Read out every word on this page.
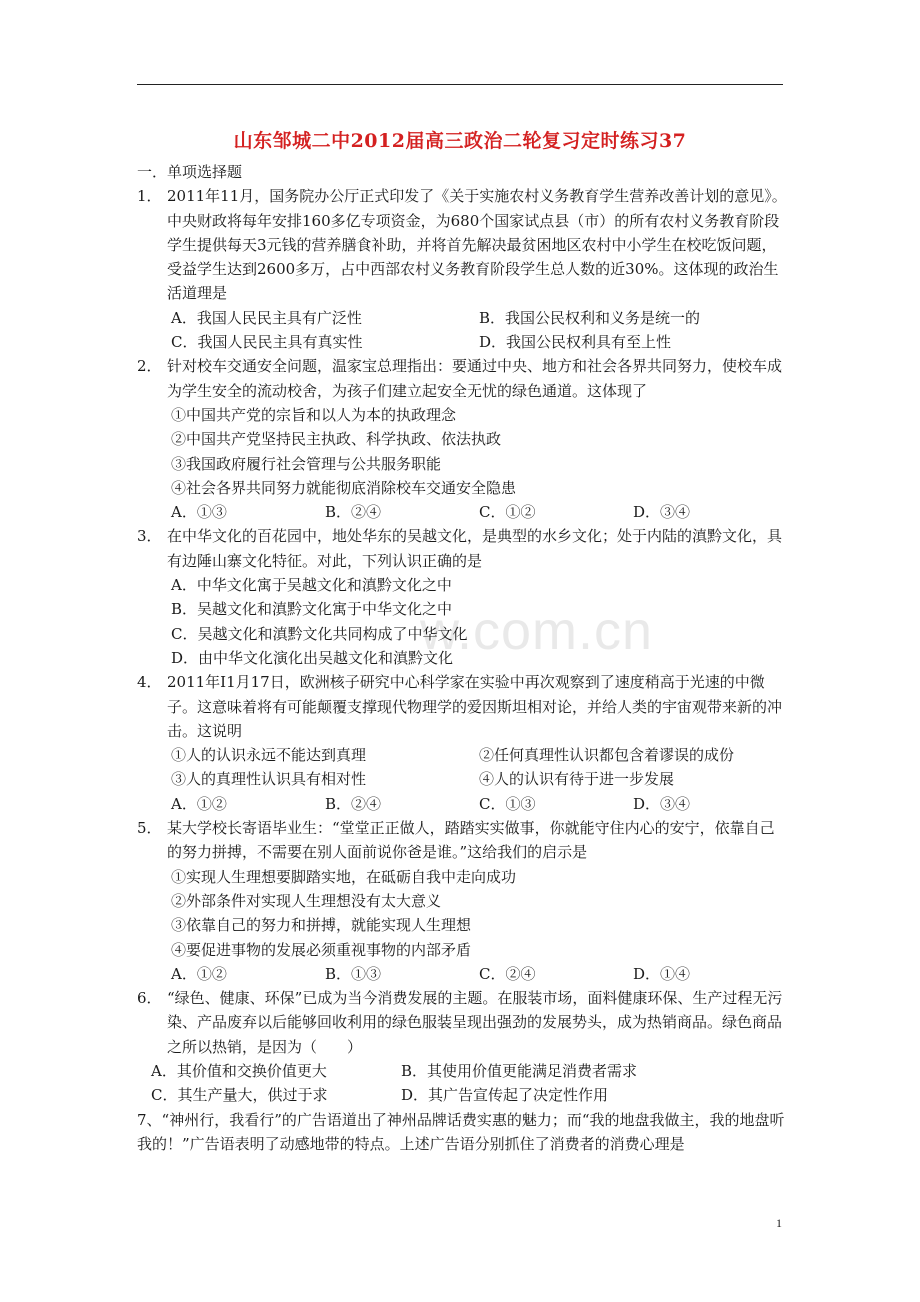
w.com.cn
山东邹城二中2012届高三政治二轮复习定时练习37

一．单项选择题

1． 2011年11月，国务院办公厅正式印发了《关于实施农村义务教育学生营养改善计划的意见》。中央财政将每年安排160多亿专项资金，为680个国家试点县（市）的所有农村义务教育阶段学生提供每天3元钱的营养膳食补助，并将首先解决最贫困地区农村中小学生在校吃饭问题，受益学生达到2600多万，占中西部农村义务教育阶段学生总人数的近30%。这体现的政治生活道理是

A．我国人民民主具有广泛性	B．我国公民权利和义务是统一的
C．我国人民民主具有真实性	D．我国公民权利具有至上性

2． 针对校车交通安全问题，温家宝总理指出：要通过中央、地方和社会各界共同努力，使校车成为学生安全的流动校舍，为孩子们建立起安全无忧的绿色通道。这体现了

①中国共产党的宗旨和以人为本的执政理念

②中国共产党坚持民主执政、科学执政、依法执政

③我国政府履行社会管理与公共服务职能

④社会各界共同努力就能彻底消除校车交通安全隐患

A．①③	B．②④	C．①②	D．③④

3． 在中华文化的百花园中，地处华东的吴越文化，是典型的水乡文化；处于内陆的滇黔文化，具有边陲山寨文化特征。对此，下列认识正确的是

A．中华文化寓于吴越文化和滇黔文化之中

B．吴越文化和滇黔文化寓于中华文化之中

C．吴越文化和滇黔文化共同构成了中华文化

D．由中华文化演化出吴越文化和滇黔文化

4． 2011年I1月17日，欧洲核子研究中心科学家在实验中再次观察到了速度稍高于光速的中微子。这意味着将有可能颠覆支撑现代物理学的爱因斯坦相对论，并给人类的宇宙观带来新的冲击。这说明

①人的认识永远不能达到真理	②任何真理性认识都包含着谬误的成份
③人的真理性认识具有相对性	④人的认识有待于进一步发展
A．①②	B．②④	C．①③	D．③④

5． 某大学校长寄语毕业生：“堂堂正正做人，踏踏实实做事，你就能守住内心的安宁，依靠自己的努力拼搏，不需要在别人面前说你爸是谁。”这给我们的启示是

①实现人生理想要脚踏实地，在砥砺自我中走向成功

②外部条件对实现人生理想没有太大意义

③依靠自己的努力和拼搏，就能实现人生理想

④要促进事物的发展必须重视事物的内部矛盾

A．①②	B．①③	C．②④	D．①④

6． “绿色、健康、环保”已成为当今消费发展的主题。在服装市场，面料健康环保、生产过程无污染、产品废弃以后能够回收利用的绿色服装呈现出强劲的发展势头，成为热销商品。绿色商品之所以热销，是因为（　　）

A．其价值和交换价值更大	B．其使用价值更能满足消费者需求
C．其生产量大，供过于求	D．其广告宣传起了决定性作用

7、“神州行，我看行”的广告语道出了神州品牌话费实惠的魅力；而“我的地盘我做主，我的地盘听我的！”广告语表明了动感地带的特点。上述广告语分别抓住了消费者的消费心理是

1
